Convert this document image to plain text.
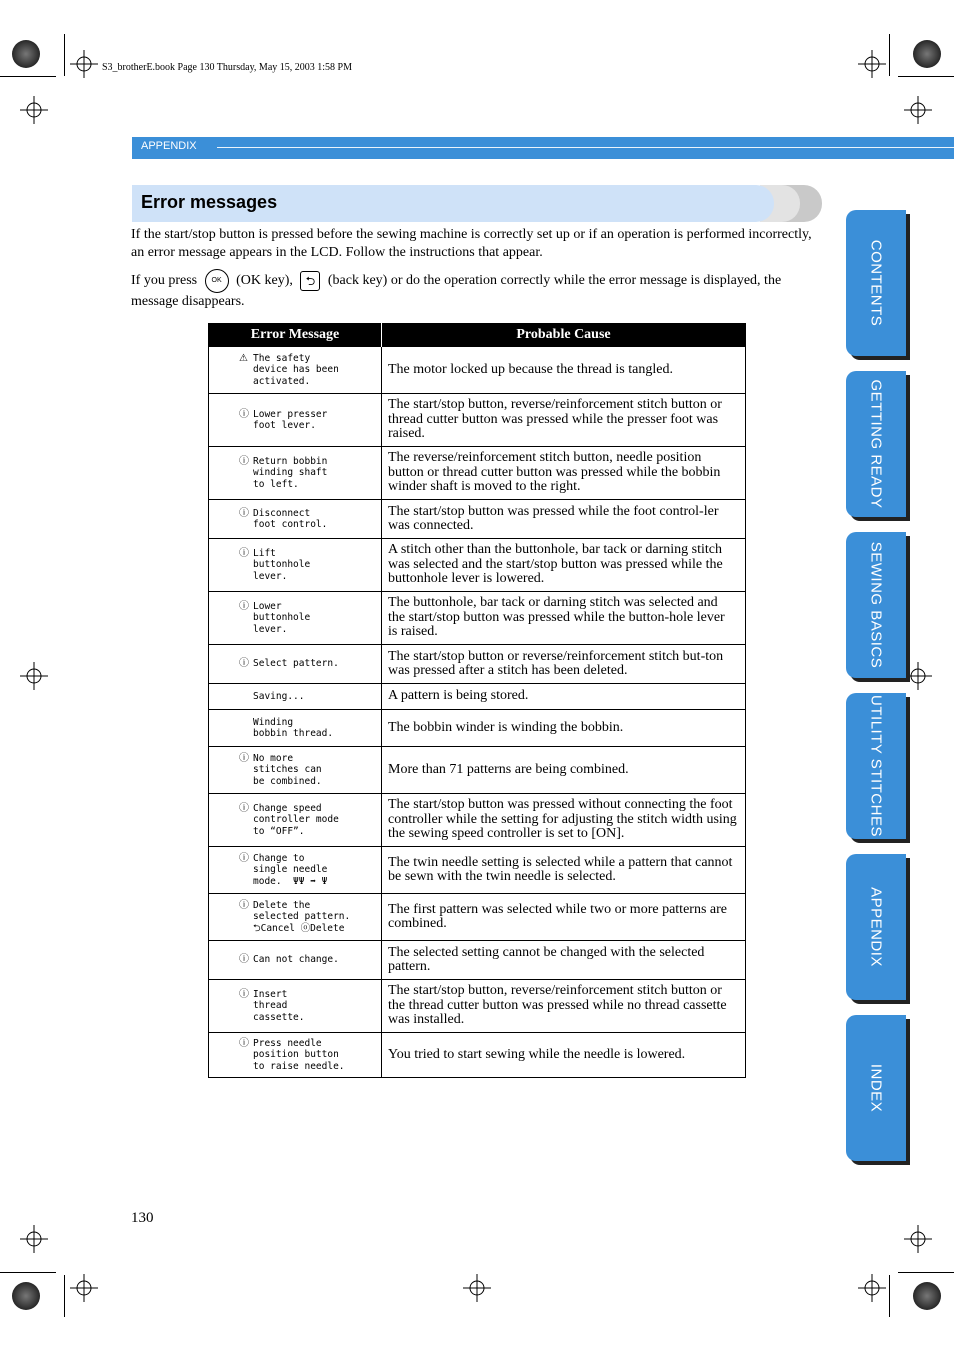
S3_brotherE.book Page 130 Thursday, May 15, 2003 1:58 PM
APPENDIX
Error messages
If the start/stop button is pressed before the sewing machine is correctly set up or if an operation is performed incorrectly, an error message appears in the LCD. Follow the instructions that appear.
If you press OK (OK key), ⮌ (back key) or do the operation correctly while the error message is displayed, the message disappears.
Error Message	Probable Cause

⚠ The safety
device has been
activated.	The motor locked up because the thread is tangled.

ⓘ Lower presser
foot lever.	The start/stop button, reverse/reinforcement stitch button or thread cutter button was pressed while the presser foot was raised.

ⓘ Return bobbin
winding shaft
to left.	The reverse/reinforcement stitch button, needle position button or thread cutter button was pressed while the bobbin winder shaft is moved to the right.

ⓘ Disconnect
foot control.	The start/stop button was pressed while the foot control-ler was connected.

ⓘ Lift
buttonhole
lever.	A stitch other than the buttonhole, bar tack or darning stitch was selected and the start/stop button was pressed while the buttonhole lever is lowered.

ⓘ Lower
buttonhole
lever.	The buttonhole, bar tack or darning stitch was selected and the start/stop button was pressed while the button-hole lever is raised.

ⓘ Select pattern.	The start/stop button or reverse/reinforcement stitch but-ton was pressed after a stitch has been deleted.

Saving...	A pattern is being stored.

Winding
bobbin thread.	The bobbin winder is winding the bobbin.

ⓘ No more
stitches can
be combined.	More than 71 patterns are being combined.

ⓘ Change speed
controller mode
to “OFF”.	The start/stop button was pressed without connecting the foot controller while the setting for adjusting the stitch width using the sewing speed controller is set to [ON].

ⓘ Change to
single needle
mode.  ΨΨ ➡ Ψ	The twin needle setting is selected while a pattern that cannot be sewn with the twin needle is selected.

ⓘ Delete the
selected pattern.
⮌Cancel ⓞDelete	The first pattern was selected while two or more patterns are combined.

ⓘ Can not change.	The selected setting cannot be changed with the selected pattern.

ⓘ Insert
thread
cassette.	The start/stop button, reverse/reinforcement stitch button or the thread cutter button was pressed while no thread cassette was installed.

ⓘ Press needle
position button
to raise needle.	You tried to start sewing while the needle is lowered.
CONTENTS
GETTING READY
SEWING BASICS
UTILITY STITCHES
APPENDIX
INDEX
130
